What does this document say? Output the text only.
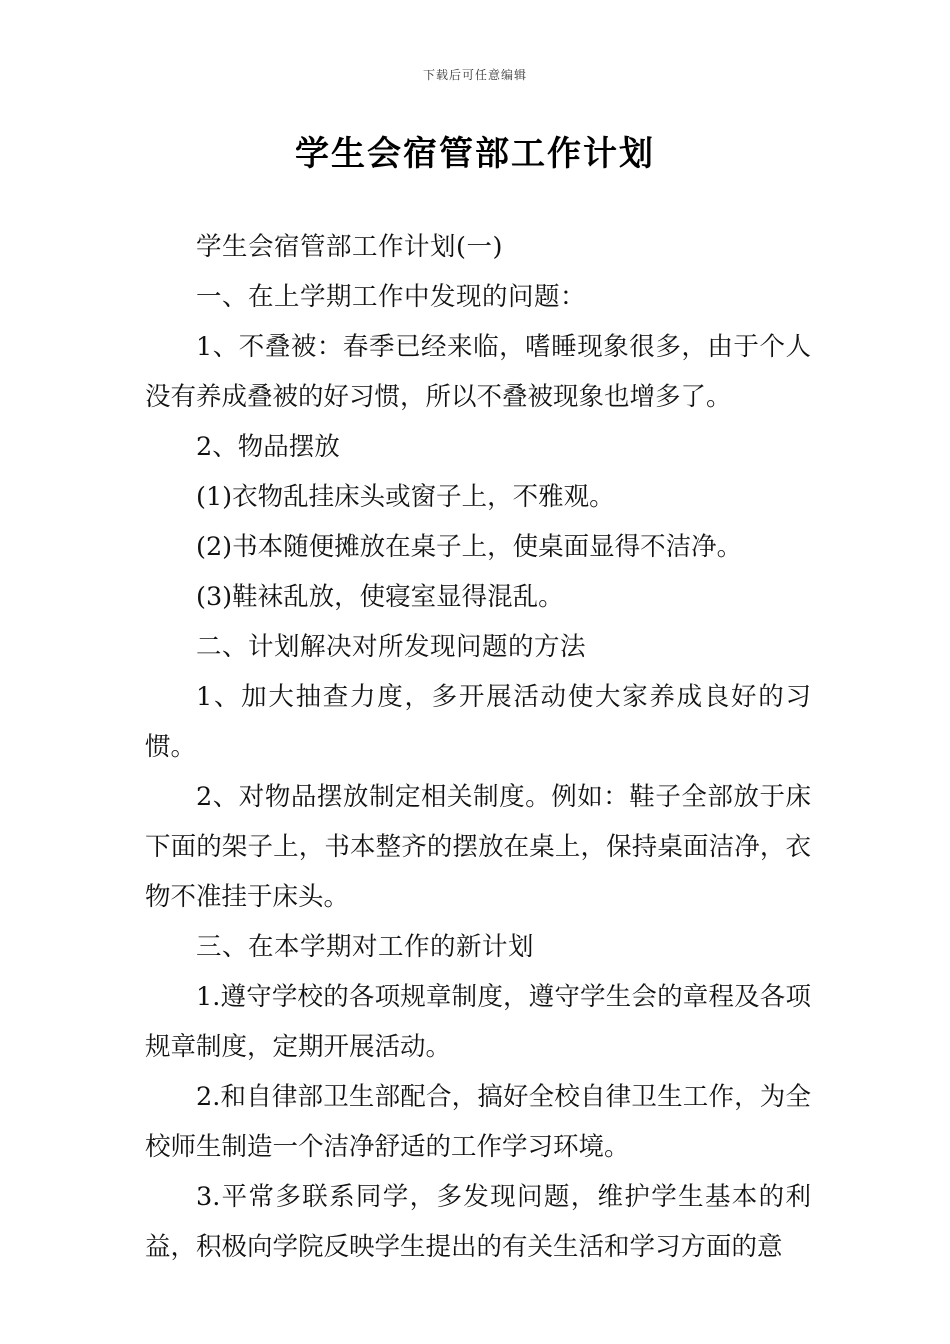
下载后可任意编辑
学生会宿管部工作计划

学生会宿管部工作计划(一)

一、在上学期工作中发现的问题：

1、不叠被：春季已经来临，嗜睡现象很多，由于个人没有养成叠被的好习惯，所以不叠被现象也增多了。

2、物品摆放

(1)衣物乱挂床头或窗子上，不雅观。

(2)书本随便摊放在桌子上，使桌面显得不洁净。

(3)鞋袜乱放，使寝室显得混乱。

二、计划解决对所发现问题的方法

1、加大抽查力度，多开展活动使大家养成良好的习惯。

2、对物品摆放制定相关制度。例如：鞋子全部放于床下面的架子上，书本整齐的摆放在桌上，保持桌面洁净，衣物不准挂于床头。

三、在本学期对工作的新计划

1.遵守学校的各项规章制度，遵守学生会的章程及各项规章制度，定期开展活动。

2.和自律部卫生部配合，搞好全校自律卫生工作，为全校师生制造一个洁净舒适的工作学习环境。

3.平常多联系同学，多发现问题，维护学生基本的利益，积极向学院反映学生提出的有关生活和学习方面的意
